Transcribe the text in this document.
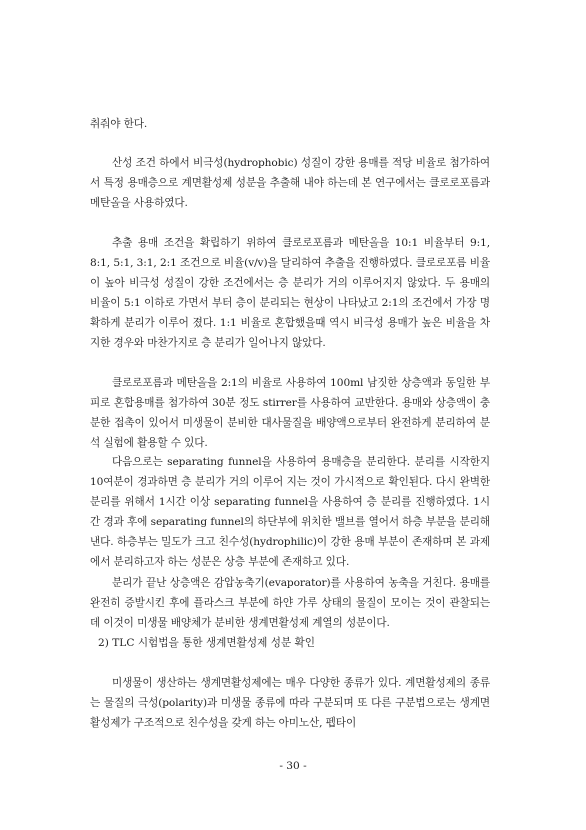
취줘야 한다.

산성 조건 하에서 비극성(hydrophobic) 성질이 강한 용매를 적당 비율로 첨가하여서 특정 용매층으로 계면활성제 성분을 추출해 내야 하는데 본 연구에서는 클로로포름과 메탄올을 사용하였다.

추출 용매 조건을 확립하기 위하여 클로로포름과 메탄올을 10:1 비율부터 9:1, 8:1, 5:1, 3:1, 2:1 조건으로 비율(v/v)을 달리하여 추출을 진행하였다. 클로로포름 비율이 높아 비극성 성질이 강한 조건에서는 층 분리가 거의 이루어지지 않았다. 두 용매의 비율이 5:1 이하로 가면서 부터 층이 분리되는 현상이 나타났고 2:1의 조건에서 가장 명확하게 분리가 이루어 졌다. 1:1 비율로 혼합했을때 역시 비극성 용매가 높은 비율을 차지한 경우와 마찬가지로 층 분리가 일어나지 않았다.

클로로포름과 메탄올을 2:1의 비율로 사용하여 100ml 남짓한 상층액과 동일한 부피로 혼합용매를 첨가하여 30분 정도 stirrer를 사용하여 교반한다. 용매와 상층액이 충분한 접촉이 있어서 미생물이 분비한 대사물질을 배양액으로부터 완전하게 분리하여 분석 실험에 활용할 수 있다.

다음으로는 separating funnel을 사용하여 용매층을 분리한다. 분리를 시작한지 10여분이 경과하면 층 분리가 거의 이루어 지는 것이 가시적으로 확인된다. 다시 완벽한 분리를 위해서 1시간 이상 separating funnel을 사용하여 층 분리를 진행하였다. 1시간 경과 후에 separating funnel의 하단부에 위치한 밸브를 열어서 하층 부분을 분리해 낸다. 하층부는 밀도가 크고 친수성(hydrophilic)이 강한 용매 부분이 존재하며 본 과제에서 분리하고자 하는 성분은 상층 부분에 존재하고 있다.

분리가 끝난 상층액은 감압농축기(evaporator)를 사용하여 농축을 거친다. 용매를 완전히 증발시킨 후에 플라스크 부분에 하얀 가루 상태의 물질이 모이는 것이 관찰되는데 이것이 미생물 배양체가 분비한 생계면활성제 계열의 성분이다.

2) TLC 시험법을 통한 생계면활성제 성분 확인

미생물이 생산하는 생계면활성제에는 매우 다양한 종류가 있다. 계면활성제의 종류는 물질의 극성(polarity)과 미생물 종류에 따라 구분되며 또 다른 구분법으로는 생계면활성제가 구조적으로 친수성을 갖게 하는 아미노산, 펩타이

- 30 -
